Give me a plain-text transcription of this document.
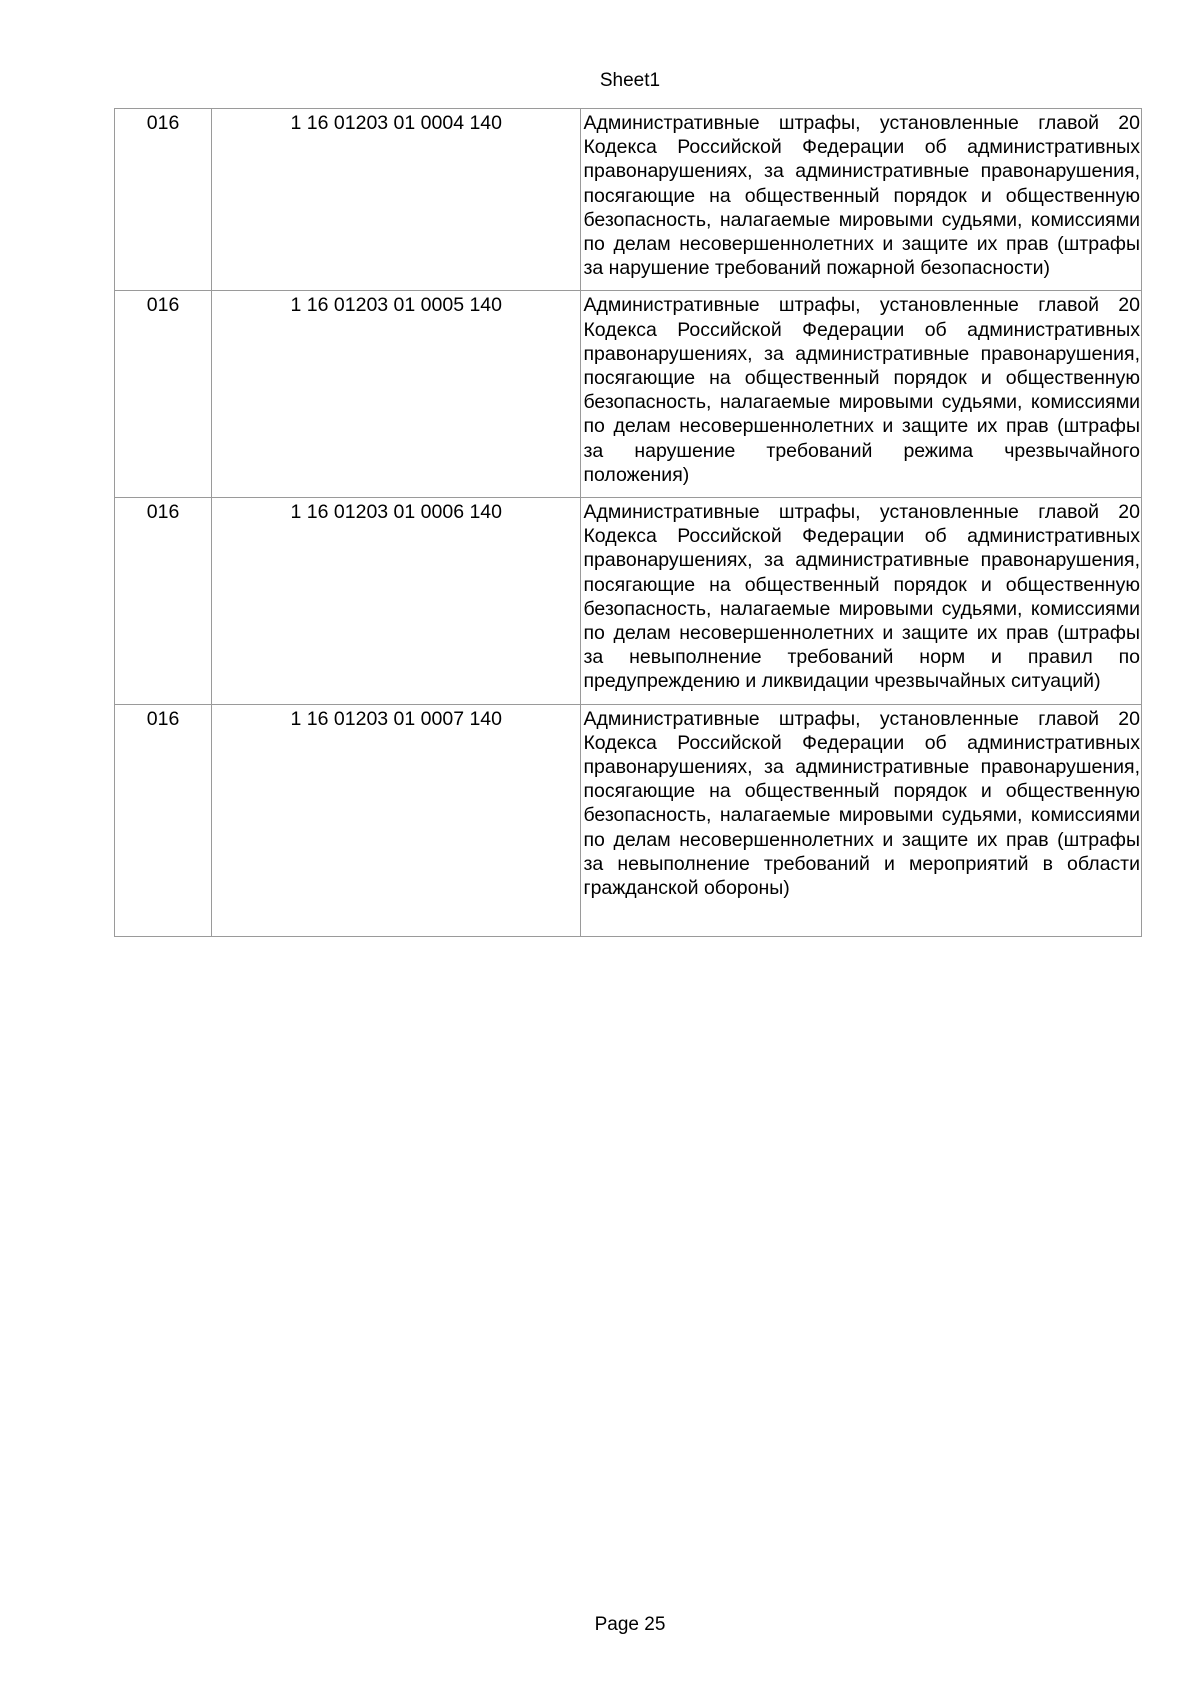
Sheet1
016	1 16 01203 01 0004 140	Административные штрафы, установленные главой 20 Кодекса Российской Федерации об административных правонарушениях, за административные правонарушения, посягающие на общественный порядок и общественную безопасность, налагаемые мировыми судьями, комиссиями по делам несовершеннолетних и защите их прав (штрафы за нарушение требований пожарной безопасности)
016	1 16 01203 01 0005 140	Административные штрафы, установленные главой 20 Кодекса Российской Федерации об административных правонарушениях, за административные правонарушения, посягающие на общественный порядок и общественную безопасность, налагаемые мировыми судьями, комиссиями по делам несовершеннолетних и защите их прав (штрафы за нарушение требований режима чрезвычайного положения)
016	1 16 01203 01 0006 140	Административные штрафы, установленные главой 20 Кодекса Российской Федерации об административных правонарушениях, за административные правонарушения, посягающие на общественный порядок и общественную безопасность, налагаемые мировыми судьями, комиссиями по делам несовершеннолетних и защите их прав (штрафы за невыполнение требований норм и правил по предупреждению и ликвидации чрезвычайных ситуаций)
016	1 16 01203 01 0007 140	Административные штрафы, установленные главой 20 Кодекса Российской Федерации об административных правонарушениях, за административные правонарушения, посягающие на общественный порядок и общественную безопасность, налагаемые мировыми судьями, комиссиями по делам несовершеннолетних и защите их прав (штрафы за невыполнение требований и мероприятий в области гражданской обороны)
Page 25
